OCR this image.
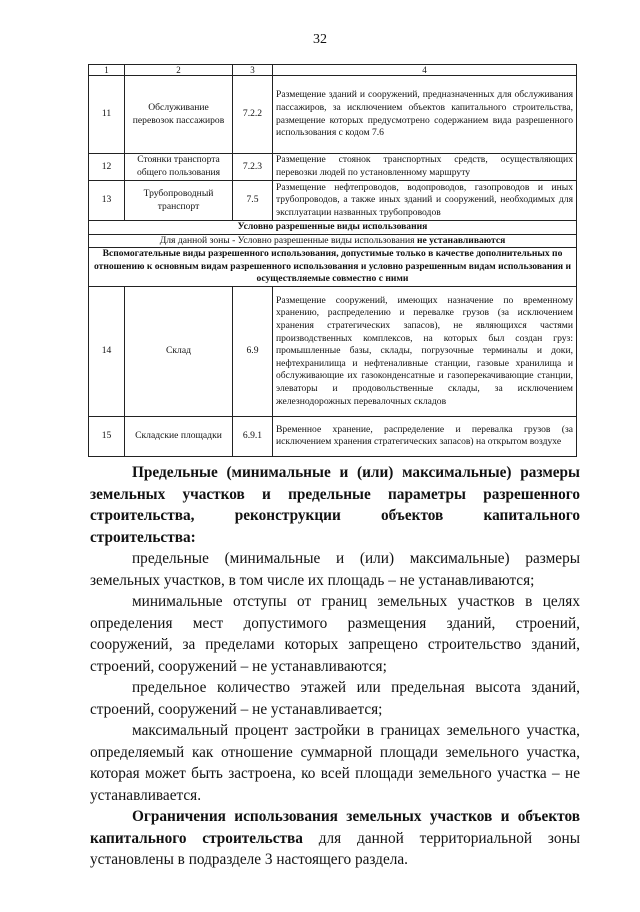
32
1	2	3	4
11	Обслуживание перевозок пассажиров	7.2.2	Размещение зданий и сооружений, предназначенных для обслуживания пассажиров, за исключением объектов капитального строительства, размещение которых предусмотрено содержанием вида разрешенного использования с кодом 7.6
12	Стоянки транспорта общего пользования	7.2.3	Размещение стоянок транспортных средств, осуществляющих перевозки людей по установленному маршруту
13	Трубопроводный транспорт	7.5	Размещение нефтепроводов, водопроводов, газопроводов и иных трубопроводов, а также иных зданий и сооружений, необходимых для эксплуатации названных трубопроводов
Условно разрешенные виды использования			
Для данной зоны - Условно разрешенные виды использования не устанавливаются			
Вспомогательные виды разрешенного использования, допустимые только в качестве дополнительных по отношению к основным видам разрешенного использования и условно разрешенным видам использования и осуществляемые совместно с ними			
14	Склад	6.9	Размещение сооружений, имеющих назначение по временному хранению, распределению и перевалке грузов (за исключением хранения стратегических запасов), не являющихся частями производственных комплексов, на которых был создан груз: промышленные базы, склады, погрузочные терминалы и доки, нефтехранилища и нефтеналивные станции, газовые хранилища и обслуживающие их газоконденсатные и газоперекачивающие станции, элеваторы и продовольственные склады, за исключением железнодорожных перевалочных складов
15	Складские площадки	6.9.1	Временное хранение, распределение и перевалка грузов (за исключением хранения стратегических запасов) на открытом воздухе

Предельные (минимальные и (или) максимальные) размеры земельных участков и предельные параметры разрешенного строительства, реконструкции объектов капитального строительства:

предельные (минимальные и (или) максимальные) размеры земельных участков, в том числе их площадь – не устанавливаются;

минимальные отступы от границ земельных участков в целях определения мест допустимого размещения зданий, строений, сооружений, за пределами которых запрещено строительство зданий, строений, сооружений – не устанавливаются;

предельное количество этажей или предельная высота зданий, строений, сооружений – не устанавливается;

максимальный процент застройки в границах земельного участка, определяемый как отношение суммарной площади земельного участка, которая может быть застроена, ко всей площади земельного участка – не устанавливается.

Ограничения использования земельных участков и объектов капитального строительства для данной территориальной зоны установлены в подразделе 3 настоящего раздела.
